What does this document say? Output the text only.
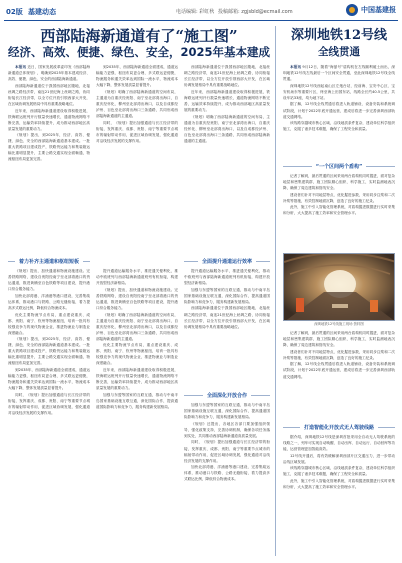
02版 基建动态	电话编辑: 彩虹秋 投稿邮箱: zgjsbld@ecmail.com	中国基建报
西部陆海新通道有了“施工图”
经济、高效、便捷、绿色、安全，2025年基本建成
深圳地铁12号线
全线贯通

本报讯 近日，国家发展改革委印发《西部陆海新通道总体规划》，明确到2025年基本建成经济、高效、便捷、绿色、安全的西部陆海新通道。

西部陆海新通道位于我国西部地区腹地，北接丝绸之路经济带，南连21世纪海上丝绸之路，协同衔接长江经济带，以全方位开放引领西部大开发，在区域协调发展格局中具有重要战略地位。

近年来，西部陆海新通道建设取得积极进展，铁海联运班列开行数量快速增长，通道物流网络不断完善，运输效率持续提升，成为推动西部地区高质量发展的重要动力。

《规划》提出，到2025年，经济、高效、便捷、绿色、安全的西部陆海新通道基本建成。一批重大铁路项目建成投产，铁路货运能力和集装箱运输比重明显提升，主要公路交通实现全面畅通，物流枢纽布局更加完善。

到2035年，西部陆海新通道全面建成，通道运输能力更强、枢纽布局更合理、多式联运更便捷，物流服务和通关效率达到国际一流水平，物流成本大幅下降，整体发展质量显著提升。

《规划》明确了西部陆海新通道的空间布局，主通道为自重庆经贵阳、南宁至北部湾出海口，自重庆经怀化、柳州至北部湾出海口，以及自成都经泸州、百色至北部湾出海口三条通路，共同形成西部陆海新通道的主通道。

同时，《规划》提出加强通道与长江经济带的衔接，发挥重庆、成都、贵阳、南宁等重要节点城市的辐射带动作用，促进区域协调发展，强化通道对沿线经济发展的支撑作用。

西部陆海新通道位于我国西部地区腹地，北接丝绸之路经济带，南连21世纪海上丝绸之路，协同衔接长江经济带，以全方位开放引领西部大开发，在区域协调发展格局中具有重要战略地位。

近年来，西部陆海新通道建设取得积极进展，铁海联运班列开行数量快速增长，通道物流网络不断完善，运输效率持续提升，成为推动西部地区高质量发展的重要动力。

《规划》明确了西部陆海新通道的空间布局，主通道为自重庆经贵阳、南宁至北部湾出海口，自重庆经怀化、柳州至北部湾出海口，以及自成都经泸州、百色至北部湾出海口三条通路，共同形成西部陆海新通道的主通道。

着力补齐主通道和枢纽短板	全面提升通道运行效率

《规划》提出，加快通道和物流设施建设。完善铁路网络，建设自贵阳经南宁至北部湾港口的货运通道，推进黄桶至百色铁路等项目建设，提升港口综合服务能力。

加快北部湾港、洋浦港等港口建设，完善集疏运体系，推动港口与铁路、公路无缝衔接，着力提高多式联运比例，降低综合物流成本。

优化主要物流节点布局，重点建设重庆、成都、贵阳、南宁、钦州等物流枢纽，培育一批具有较强竞争力的现代物流企业，推进物流业与制造业深度融合。

《规划》提出，到2025年，经济、高效、便捷、绿色、安全的西部陆海新通道基本建成。一批重大铁路项目建成投产，铁路货运能力和集装箱运输比重明显提升，主要公路交通实现全面畅通，物流枢纽布局更加完善。

到2035年，西部陆海新通道全面建成，通道运输能力更强、枢纽布局更合理、多式联运更便捷，物流服务和通关效率达到国际一流水平，物流成本大幅下降，整体发展质量显著提升。

同时，《规划》提出加强通道与长江经济带的衔接，发挥重庆、成都、贵阳、南宁等重要节点城市的辐射带动作用，促进区域协调发展，强化通道对沿线经济发展的支撑作用。

提升通道运输服务水平，推进通关便利化，推动中欧班列与西部陆海新通道班列有机衔接，构建开放型经济新格局。

《规划》提出，加快通道和物流设施建设。完善铁路网络，建设自贵阳经南宁至北部湾港口的货运通道，推进黄桶至百色铁路等项目建设，提升港口综合服务能力。

《规划》明确了西部陆海新通道的空间布局，主通道为自重庆经贵阳、南宁至北部湾出海口，自重庆经怀化、柳州至北部湾出海口，以及自成都经泸州、百色至北部湾出海口三条通路，共同形成西部陆海新通道的主通道。

优化主要物流节点布局，重点建设重庆、成都、贵阳、南宁、钦州等物流枢纽，培育一批具有较强竞争力的现代物流企业，推进物流业与制造业深度融合。

近年来，西部陆海新通道建设取得积极进展，铁海联运班列开行数量快速增长，通道物流网络不断完善，运输效率持续提升，成为推动西部地区高质量发展的重要动力。

加强与东盟等国家的互联互通，推动与中南半岛国家基础设施互联互通，深化国际合作，提高通道国际影响力和竞争力，服务构建新发展格局。

提升通道运输服务水平，推进通关便利化，推动中欧班列与西部陆海新通道班列有机衔接，构建开放型经济新格局。

加强与东盟等国家的互联互通，推动与中南半岛国家基础设施互联互通，深化国际合作，提高通道国际影响力和竞争力，服务构建新发展格局。

西部陆海新通道位于我国西部地区腹地，北接丝绸之路经济带，南连21世纪海上丝绸之路，协同衔接长江经济带，以全方位开放引领西部大开发，在区域协调发展格局中具有重要战略地位。

全面深化开放合作

加强与东盟等国家的互联互通，推动与中南半岛国家基础设施互联互通，深化国际合作，提高通道国际影响力和竞争力，服务构建新发展格局。

《规划》还提出，各地区各部门要加强组织领导，强化政策支持，完善协调机制，确保各项任务落到实处，共同推动西部陆海新通道高质量发展。

同时，《规划》提出加强通道与长江经济带的衔接，发挥重庆、成都、贵阳、南宁等重要节点城市的辐射带动作用，促进区域协调发展，强化通道对沿线经济发展的支撑作用。

加快北部湾港、洋浦港等港口建设，完善集疏运体系，推动港口与铁路、公路无缝衔接，着力提高多式联运比例，降低综合物流成本。

本报讯 9月12日，随着“海晏号”盾构机在左线顺利破土而出，深圳地铁12号线左线最后一个区间安全贯通，至此深圳地铁12号线全线贯通。

深圳地铁12号线西起南山区左炮台站，经前海、宝安中心区、宝安机场东等重要片区，终至海上田园东站，线路全长约40.5公里，共设车站33座，均为地下站。

据了解，12号线全线贯通后将进入轨道铺设、设备安装和系统调试阶段，计划于2022年底开通运营，建成后将进一步完善深圳西部轨道交通网络。

该线路穿越城市核心区域，沿线地质条件复杂，建设单位科学组织施工，克服了诸多技术难题，确保了工程安全和质量。

“一个区间两个盾构”

记者了解到，最后贯通的区间采用两台盾构机同时掘进，面对复杂地层和密集建筑群，施工团队精心组织、科学施工，实时监测地表沉降，确保了周边建筑和管线安全。

建设者们针对不同地层特点，优化掘进参数，采用同步注浆和二次补浆等措施，有效控制地面沉降，创造了良好的施工纪录。

此外，施工中引入智能化管理系统，对盾构掘进数据进行实时采集和分析，大大提高了施工效率和安全管理水平。

深圳地铁12号线施工现场 资料图

记者了解到，最后贯通的区间采用两台盾构机同时掘进，面对复杂地层和密集建筑群，施工团队精心组织、科学施工，实时监测地表沉降，确保了周边建筑和管线安全。

建设者们针对不同地层特点，优化掘进参数，采用同步注浆和二次补浆等措施，有效控制地面沉降，创造了良好的施工纪录。

据了解，12号线全线贯通后将进入轨道铺设、设备安装和系统调试阶段，计划于2022年底开通运营，建成后将进一步完善深圳西部轨道交通网络。

打造智能化开放式无人驾驶线路

据介绍，深圳地铁12号线是深圳首批采用全自动无人驾驶系统的线路之一，列车可实现自动唤醒、自动出库、自动运行、自动回库等功能，运营管理更加智能高效。

12号线开通后，将有效缓解深圳西部片区交通压力，进一步带动沿线区域发展。

该线路穿越城市核心区域，沿线地质条件复杂，建设单位科学组织施工，克服了诸多技术难题，确保了工程安全和质量。

此外，施工中引入智能化管理系统，对盾构掘进数据进行实时采集和分析，大大提高了施工效率和安全管理水平。
